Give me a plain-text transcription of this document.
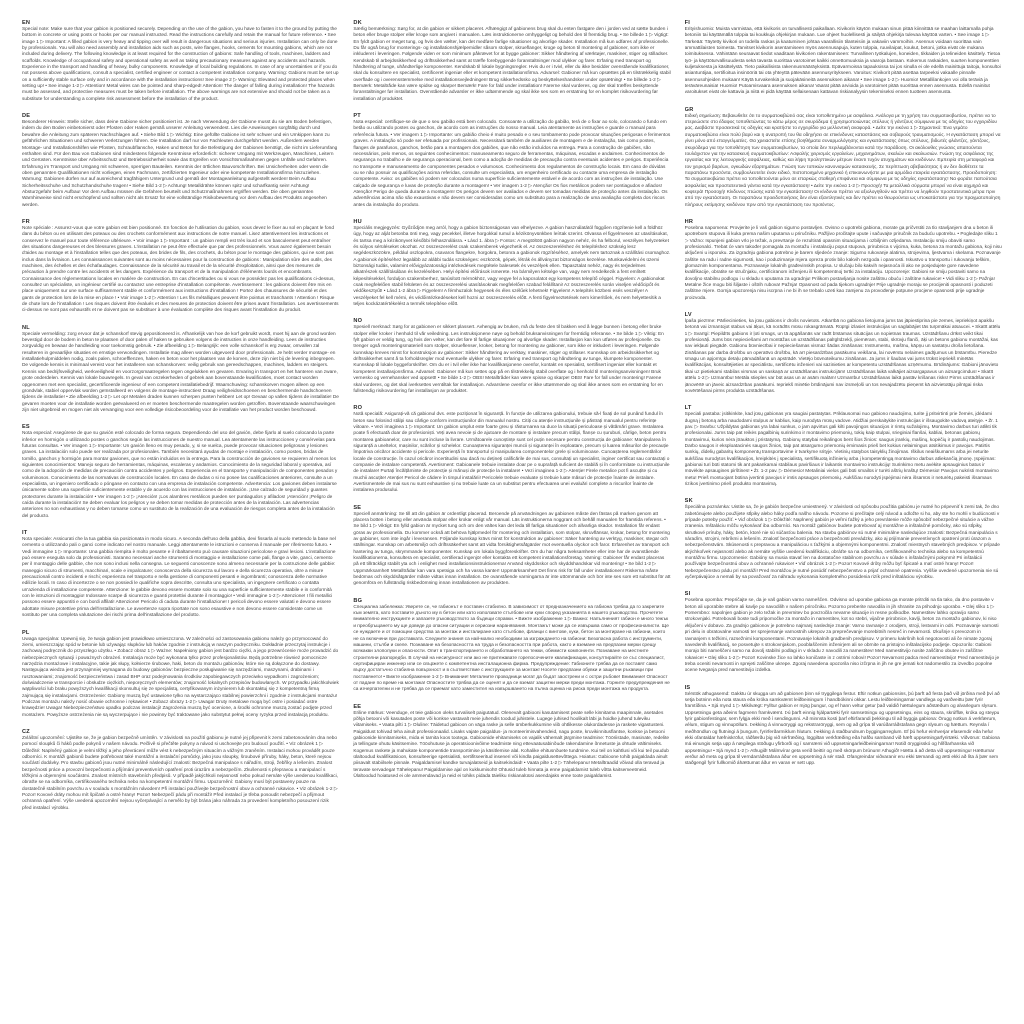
EN
Special note: Make sure that your gabion is positioned securely. Depending on the use of the gabion, you have to fasten it to the ground by putting the bottom in concrete or using posts or hooks per our manual instructed. Read the instructions carefully and retain the manual for future reference. • See image 1 ▷ Important: A filled gabion is very heavy and tipping over will result in dangerous situations and serious injuries. Installation can only be done by professionals. You will also need assembly and installation aids such as posts, wire flanges, hooks, cements for mounting gabions, which are not included during delivery. The following knowledge is at least required for the construction of gabions: Safe handling of tools, machines, ladders and scaffolds. Knowledge of occupational safety and operational safety as well as taking precautionary measures against any accidents and hazards. Experience in the transport and handling of heavy, bulky components. Knowledge of local building regulations. In case of any uncertainties or if you do not possess above qualifications, consult a specialist, certified engineer or contact a competent installation company. Warning: Gabions must be set up on a sufficiently stable surface only and in accordance with the installation instructions! See image 2 ▷ Warning: Elevated and protected places when setting up! • See image 1-2 ▷ Attention! Metal wires can be pointed and sharp-edged! Attention! The danger of falling during installation! The hazards must be assessed, and protective measures must be taken before installation. The above warnings are not extensive and should not be taken as a substitute for understanding a complete risk assessment before the installation of the product.
DE
Besonderer Hinweis: Stelle sicher, dass deine Gabione sicher positioniert ist. Je nach Verwendung der Gabione musst du sie am Boden befestigen, indem du den Boden einbetonierst oder Pfosten oder Haken gemäß unserer Anleitung verwendest. Lies die Anweisungen sorgfältig durch und bewahre die Anleitung zum späteren Nachschlagen auf. • Siehe Bild 1 ▷ Wichtig: Eine gefüllte Gabione ist sehr schwer und ein Umkippen kann zu gefährlichen Situationen und schweren Verletzungen führen. Die Installation darf nur von Fachleuten durchgeführt werden. Außerdem werden Montage- und Installationshilfen wie Pfosten, Schraubflansche, Haken und Beton für die Befestigung der Gabionen benötigt, die nicht im Lieferumfang enthalten sind. Für den Bau von Gabionen sind mindestens folgende Kenntnisse erforderlich: sicherer Umgang mit Werkzeugen, Maschinen, Leitern und Gerüsten. Kenntnisse über Arbeitsschutz und Betriebssicherheit sowie das Ergreifen von Vorsichtsmaßnahmen gegen Unfälle und Gefahren. Erfahrung im Transport und Umgang mit schweren, sperrigen Bauteilen. Kenntnis der örtlichen Bauvorschriften. Bei Unsicherheiten oder wenn die oben genannten Qualifikationen nicht vorliegen, einen Fachmann, zertifizierten Ingenieur oder eine kompetente Installationsfirma hinzuziehen. Warnung: Gabionen dürfen nur auf ausreichend tragfähigem Untergrund und gemäß der Montageanleitung aufgestellt werden! Beim Aufbau Sicherheitsschuhe und Schutzhandschuhe tragen! • Siehe Bild 1-2 ▷ Achtung! Metalldrähte können spitz und scharfkantig sein! Achtung! Absturzgefahr beim Aufbau! Vor dem Aufbau müssen die Gefahren beurteilt und Schutzmaßnahmen ergriffen werden. Die oben genannten Warnhinweise sind nicht erschöpfend und sollten nicht als Ersatz für eine vollständige Risikobewertung vor dem Aufbau des Produkts angesehen werden.
FR
Note spéciale : Assurez-vous que votre gabion est bien positionné. En fonction de l'utilisation du gabion, vous devez le fixer au sol en plaçant le fond dans du béton ou en utilisant des poteaux ou des crochets conformément aux instructions de notre manuel. Lisez attentivement les instructions et conservez le manuel pour toute référence ultérieure. • Voir image 1 ▷ Important : un gabion rempli est très lourd et son basculement peut entraîner des situations dangereuses et des blessures graves. L'installation ne peut être effectuée que par des professionnels. Vous aurez également besoin d'aides au montage et à l'installation telles que des poteaux, des brides de fils, des crochets, du béton pour le montage des gabions, qui ne sont pas inclus dans la livraison. Les connaissances suivantes sont au moins nécessaires pour la construction de gabions : Manipulation sûre des outils, des machines, des échelles et des échafaudages. Connaissance de la sécurité au travail et de la sécurité d'exploitation, ainsi que des mesures de précaution à prendre contre les accidents et les dangers. Expérience du transport et de la manipulation d'éléments lourds et encombrants. Connaissance des réglementations locales en matière de construction. En cas d'incertitudes ou si vous ne possédez pas les qualifications ci-dessus, consultez un spécialiste, un ingénieur certifié ou contactez une entreprise d'installation compétente. Avertissement : les gabions doivent être mis en place uniquement sur une surface suffisamment stable et conformément aux instructions d'installation ! Portez des chaussures de sécurité et des gants de protection lors de la mise en place ! • Voir image 1-2 ▷ Attention ! Les fils métalliques peuvent être pointus et tranchants ! Attention ! Risque de chute lors de l'installation ! Les risques doivent être évalués et des mesures de protection doivent être prises avant l'installation. Les avertissements ci-dessus ne sont pas exhaustifs et ne doivent pas se substituer à une évaluation complète des risques avant l'installation du produit.
NL
Speciale vermelding: zorg ervoor dat je schanskorf stevig gepositioneerd is. Afhankelijk van hoe de korf gebruikt wordt, moet hij aan de grond worden bevestigd door de bodem in beton te plaatsen of door palen of haken te gebruiken volgens de instructies in onze handleiding. Lees de instructies zorgvuldig en bewaar de handleiding voor toekomstig gebruik. • Zie afbeelding 1 ▷ Belangrijk: een volle schanskorf is erg zwaar, omvallen zal resulteren in gevaarlijke situaties en ernstige verwondingen. Installatie mag alleen worden uitgevoerd door professionals. Je hebt verder montage- en installatiehulpmiddelen nodig, zoals palen, schroefflenzen, haken en beton voor het plaatsen van de korven, deze zijn niet bij de levering inbegrepen. De volgende kennis is minimaal vereist voor het installeren van schanskorven: veilig gebruik van gereedschappen, machines, ladders en steigers. Kennis van bedrijfsveiligheid, werkveiligheid en voorzorgsmaatregelen tegen ongelukken en gevaren. Ervaring in transport en het hanteren van zware, grote onderdelen. Kennis van lokale bouwregels. In geval van onzekerheden of gebrek aan bovenstaande kwalificaties, moet contact worden opgenomen met een specialist, gecertificeerde ingenieur of een competent installatiebedrijf. Waarschuwing: schanskorven mogen alleen op een grondvlak, stabiel oppervlak worden geïnstalleerd en volgens de montage-instructies! Draag veiligheidsschoenen en beschermende handschoenen tijdens de installatie! • Zie afbeelding 1-2 ▷ Let op! Metalen draden kunnen scherpen punten hebben! Let op! Gevaar op vallen tijdens de installatie! De gevaren moeten voor de installatie worden geëvalueerd en er moeten beschermende maatregelen worden getroffen. Bovenstaande waarschuwingen zijn niet uitgebreid en mogen niet als vervanging voor een volledige risicobeoordeling voor de installatie van het product worden beschouwd.
ES
Nota especial: Asegúrese de que su gavión esté colocado de forma segura. Dependiendo del uso del gavión, debe fijarlo al suelo colocando la parte inferior en hormigón o utilizando postes o ganchos según las instrucciones de nuestro manual. Lea atentamente las instrucciones y consérvelas para futuras consultas. • Ver imagen 1 ▷ Importante: Un gavión lleno es muy pesado, y, si se vuelca, puede provocar situaciones peligrosas y lesiones graves. La instalación solo puede ser realizada por profesionales. También necesitará ayudas de montaje e instalación, como postes, bridas de tornillo, ganchos y hormigón para montar gaviones, que no están incluidos en la entrega. Para la construcción de gaviones se requieren al menos los siguientes conocimientos: Manejo seguro de herramientas, máquinas, escaleras y andamios. Conocimiento de la seguridad laboral y operativa, así como de la adopción de medidas de precaución contra accidentes y peligros. Experiencia en el transporte y manipulación de componentes pesados y voluminosos. Conocimiento de las normativas de construcción locales. En caso de dudas o si no posee las cualificaciones anteriores, consulte a un especialista, un ingeniero certificado o póngase en contacto con una empresa de instalación competente. Advertencia: Los gaviones deben instalarse únicamente sobre una superficie suficientemente estable y de acuerdo con las instrucciones de instalación. ¡Use calzado de seguridad y guantes protectores durante la instalación! • Ver imagen 1-2 ▷ ¡Atención! ¡Los alambres metálicos pueden ser puntiagudos y afilados! ¡Atención! ¡Peligro de caída durante la instalación! Se deben evaluar los peligros y se deben tomar medidas de protección antes de la instalación. Las advertencias anteriores no son exhaustivas y no deben tomarse como un sustituto de la realización de una evaluación de riesgos completa antes de la instalación del producto.
IT
Nota speciale: Assicurati che la tua gabbia sia posizionata in modo sicuro. A seconda dell'uso della gabbia, devi fissarla al suolo mettendo la base nel cemento o utilizzando pali o ganci come indicato nel nostro manuale. Leggi attentamente le istruzioni e conserva il manuale per riferimento futuro. • Vedi immagine 1 ▷ Importante: Una gabbia riempita è molto pesante e il ribaltamento può causare situazioni pericolose e gravi lesioni. L'installazione può essere eseguita solo da professionisti. Saranno necessari anche strumenti di montaggio e installazione come pali, flange a vite, ganci, cemento per il montaggio delle gabbie, che non sono inclusi nella consegna. Le seguenti conoscenze sono almeno necessarie per la costruzione delle gabbie: maneggio sicuro di strumenti, macchinari, scale e impalcature; conoscenza della sicurezza sul lavoro e della sicurezza operativa, oltre a misure precauzionali contro incidenti e rischi; esperienza nel trasporto e nella gestione di componenti pesanti e ingombranti; conoscenza delle normative edilizie locali. In caso di incertezze o se non possiedi le qualifiche sopra descritte, consulta uno specialista, un ingegnere certificato o contatta un'azienda di installazione competente. Attenzione: le gabbie devono essere montate solo su una superficie sufficientemente stabile e in conformità con le istruzioni di montaggio! Indossare scarpe di sicurezza e guanti protettivi durante il montaggio! • Vedi immagine 1-2 ▷ Attenzione! I fili metallici possono essere appuntiti e con bordi affilati! Attenzione! Pericolo di caduta durante l'installazione! I pericoli devono essere valutati e devono essere adottate misure protettive prima dell'installazione. Le avvertenze sopra riportate non sono esaustive e non devono essere considerate come un sostituto per una completa valutazione dei rischi prima dell'installazione del prodotto.
PL
Uwaga specjalna: Upewnij się, że twoja gabion jest prawidłowo umieszczona. W zależności od zastosowania gabionu należy go przymocować do ziemi, umieszczając spód w betonie lub używając słupków lub haków zgodnie z instrukcją w naszym podręczniku. Dokładnie przeczytaj instrukcje i zachowaj podręcznik do przyszłego użytku. • Zobacz obraz 1 ▷ Ważne: Napełniony gabion jest bardzo ciężki, a jego przewrócenie może prowadzić do niebezpiecznych sytuacji i poważnych obrażeń. Instalacja może być wykonana tylko przez profesjonalistów. Będą potrzebne również pomocnicze narzędzia montażowe i instalacyjne, takie jak słupy, kołnierze śrubowe, haki, beton do montażu gabionów, które nie są dołączone do dostawy. Następująca wiedza jest przynajmniej wymagana do budowy gabionów: bezpieczne posługiwanie się narzędziami, maszynami, drabinami i rusztowaniami; znajomość bezpieczeństwa i zasad BHP oraz podejmowania środków zapobiegawczych przeciwko wypadkom i zagrożeniom; doświadczenie w transporcie i obsłudze ciężkich, nieporęcznych elementów; znajomość lokalnych przepisów budowlanych. W przypadku jakichkolwiek wątpliwości lub braku powyższych kwalifikacji skonsultuj się ze specjalistą, certyfikowanym inżynierem lub skontaktuj się z kompetentną firmą zajmującą się instalacjami. Ostrzeżenie: Gabiony muszą być ustawione tylko na wystarczająco stabilnej powierzchni i zgodnie z instrukcjami montażu! Podczas montażu należy nosić obuwie ochronne i rękawice! • Zobacz obrazy 1-2 ▷ Uwaga! Druty metalowe mogą być ostre i posiadać ostre krawędzie! Uwaga! Niebezpieczeństwo upadku podczas instalacji! Zagrożenia muszą być ocenione, a środki ochronne muszą zostać podjęte przed montażem. Powyższe ostrzeżenia nie są wyczerpujące i nie powinny być traktowane jako substytut pełnej oceny ryzyka przed instalacją produktu.
CZ
Zvláštní upozornění: Ujistěte se, že je gabion bezpečně umístěn. V závislosti na použití gabionu je nutné jej připevnit k zemi zabetonováním dna nebo pomocí sloupků či háků podle pokynů v našem návodu. Pečlivě si přečtěte pokyny a návod si uschovejte pro budoucí použití. • Viz obrázek 1 ▷ Důležité: Naplněný gabion je velmi těžký a jeho převrácení může vést k nebezpečným situacím a vážným zraněním. Instalaci mohou provádět pouze odborníci. K montáži gabionů budete potřebovat také montážní a instalační pomůcky, jako jsou sloupky, šroubové příruby, háky, beton, které nejsou součástí dodávky. Pro stavbu gabionů jsou nutné minimálně následující znalosti: Bezpečná manipulace s nářadím, stroji, žebříky a lešením. Znalost bezpečnosti práce a provozní bezpečnosti a přijímání preventivních opatření proti úrazům a nebezpečím. Zkušenosti s přepravou a manipulací s těžkými a objemnými součástmi. Znalost místních stavebních předpisů. V případě jakýchkoli nejasností nebo pokud nemáte výše uvedenou kvalifikaci, obraťte se na odborníka, certifikovaného technika nebo na kompetentní montážní firmu. Upozornění: Gabiony musí být postaveny pouze na dostatečně stabilním povrchu a v souladu s montážním návodem! Při instalaci používejte bezpečnostní obuv a ochranné rukavice. • Viz obrázek 1-2 ▷ Pozor! Kovové dráty mohou mít špičaté a ostré hrany! Pozor! Nebezpečí pádu při montáži! Před instalací je třeba posoudit nebezpečí a přijmout ochranná opatření. Výše uvedená upozornění nejsou vyčerpávající a nemělo by být brána jako náhrada za provedení kompletního posouzení rizik před instalací výrobku.
DK
Særlig bemærkning: Sørg for, at din gabion er sikkert placeret. Afhængigt af gabionens brug skal du enten fastgøre den i jorden ved at sætte bunden i beton eller bruge stolper eller kroge som angivet i manualen. Læs instruktionerne omhyggeligt og behold den til fremtidig brug. • Se billede 1 ▷ Vigtigt: En fyldt gabion er meget tung, og hvis den vælter, kan det medføre farlige situationer og alvorlige skader. Installation må kun udføres af professionelle. Du får også brug for monterings- og installationshjælpemidler såsom stolper, skrueflanger, kroge og beton til montering af gabioner, som ikke er inkluderet i leveringen. Følgende viden er som minimum påkrævet for at bygge gabioner: Sikker håndtering af værktøjer, maskiner, stiger og stilladser. Kendskab til arbejdssikkerhed og driftssikkerhed samt at træffe forebyggende foranstaltninger mod ulykker og farer. Erfaring med transport og håndtering af tunge, uhåndterlige komponenter. Kendskab til lokale bygningsregler. Hvis du er i tvivl, eller du ikke besidder ovenstående kvalifikationer, skal du konsultere en specialist, certificeret ingeniør eller et kompetent installationsfirma. Advarsel: Gabioner må kun opsættes på en tilstrækkelig stabil overflade og i overensstemmelse med installationsvejledningen! Brug sikkerhedssko og beskyttelseshandsker under opsætning! • Se billede 1-2 ▷ Bemærk: Metaltråde kan være spidse og skarpe! Bemærk! Fare for fald under installation! Farerne skal vurderes, og der skal træffes beskyttende foranstaltninger før installation. Ovenstående advarsler er ikke udtømmende og skal ikke ses som en erstatning for en komplet risikovurdering før installation af produktet.
PT
Nota especial: certifique-se de que o seu gabião está bem colocado. Consoante a utilização do gabião, terá de o fixar ao solo, colocando o fundo em betão ou utilizando postes ou ganchos, de acordo com as instruções do nosso manual. Leia atentamente as instruções e guarde o manual para referência futura. • Ver imagem 1 ▷ Importante: um gabião cheio é muito pesado e o seu tombamento pode provocar situações perigosas e ferimentos graves. A instalação só pode ser efetuada por profissionais. Necessitará também de auxiliares de montagem e de instalação, tais como postes, flanges de parafusos, ganchos, betão para a montagem dos gabiões, que não estão incluídos na entrega. Para a construção de gabiões, são necessários, pelo menos, os seguintes conhecimentos: manuseamento seguro de ferramentas, máquinas, escadas e andaimes. Conhecimentos de segurança no trabalho e de segurança operacional, bem como a adoção de medidas de precaução contra eventuais acidentes e perigos. Experiência no transporte e manuseamento de componentes pesados e volumosos. Conhecimento dos regulamentos de construção locais. Em caso de dúvidas ou se não possuir as qualificações acima referidas, consulte um especialista, um engenheiro certificado ou contacte uma empresa de instalação competente. Aviso: os gabiões só podem ser colocados numa superfície suficientemente estável e de acordo com as instruções de instalação. Use calçado de segurança e luvas de proteção durante a montagem! • Ver imagem 1-2 ▷ Atenção! Os fios metálicos podem ser pontiagudos e afiados! Atenção! Perigo de queda durante a montagem! Os perigos devem ser avaliados e devem ser tomadas medidas de proteção antes da instalação. Os advertências acima não são exaustivas e não devem ser consideradas como um substituto para a realização de uma avaliação completa dos riscos antes da instalação do produto.
HU
Speciális megjegyzés: Győződjön meg arról, hogy a gabion biztonságosan van elhelyezve. A gabion használatától függően rögzítenie kell a földhöz úgy, hogy az alját betonba önti meg, vagy pecekkel, illetve horgokkal rumul a kézikönyvünkben leírtak szerint. Olvassa el figyelmesen az utasításokat, és tartsa meg a kézikönyvet későbbi felhasználásra. • Lásd 1. ábra ▷ Fontos: A megtöltött gabion nagyon nehéz, és ha felborul, veszélyes helyzeteket és súlyos sérüléseket okozhat. Az összeszerelést csak szakemberek végezhetik el. Az összeszereléshez és telepítéshez szükség lesz segédeszközökre, például oszlopokra, csavaros flangekre, horgokra, betonra a gabionok rögzítéséhez, amelyek nem tartoznak a szállítási csomaghoz. A gabionok építéséhez legalább az alábbi tudás szükséges: eszközök, gépek, létrák és állványzat biztonságos kezelése. Munkavédelmi és üzemi biztonsági tudás, valamint elővigyázatossági intézkedések megtétele balesetek és veszélyek ellen. Tapasztalat nehéz, nagy és terjedelmes alkatrészek szállításában és kezelésében. Helyi építési előírások ismerete. Ha bármilyen kétsége van, vagy nem rendelkezik a fent említett képesítésekkel, forduljon szakemberhez, tanúsított mérnökhöz, vagy vegye fel a kapcsolatot egy kompetens telepítő céggel. Figyelem: A gabionokat csak megfelelően stabil felületen és az összeszerelési utasításoknak megfelelően szabad felállítani! Az összeszerelés során viseljen védőcipőt és védőkesztyűt! • Lásd 1-2 ábra ▷ Figyelem! A fémhuzalok hegyesek és éles szélűek lehetnek! Figyelem! A telepítés közbeni esés veszélye! A veszélyeket fel kell mérni, és védőintézkedéseket kell hozni az összeszerelés előtt. A fenti figyelmeztetések nem kimerítőek, és nem helyettesítik a teljes kockázatértékelést a termék telepítése előtt.
NO
Spesiell merknad: Sørg for at gabionen er sikkert plassert. Avhengig av bruken, må du feste den til bakken ved å legge bunnen i betong eller bruke stolper eller kroker i henhold til vår veiledning. Les instruksjonene nøye og behold bruksanvisningen for fremtidig referanse. • Se bilde 1 ▷ Viktig: En fylt gabion er veldig tung, og hvis den velter, kan det føre til farlige situasjoner og alvorlige skader. Installasjon kan kun utføres av profesjonelle. Du trenger også monteringsmateriell som stolper, skrueflenser, kroker, betong for montering av gabioner, som ikke er inkludert i leveringen. Følgende kunnskap kreves minst for konstruksjon av gabioner: Sikker håndtering av verktøy, maskiner, stiger og stillaser. Kunnskap om arbeidssikkerhet og driftssikkerhet samt å ta forholdsregler mod eventuelle ulykker og farer. Erfaring med transport og håndtering av tunge, klumpete komponenter. Kunnskap til lokale byggeforskrifter. Om du er i tvil eller ikke har kvalifikasjonene ovenfor, kontakt en spesialist, sertifisert ingeniør eller kontakt et kompetent installasjonsfirma. Advarsel: Gabioner må kun settes opp på en tilstrekkelig stabil overflate og i henhold til monteringsanvisningen! Bruk vernesko og vernehansker ved oppsett! • Se bilde 1-2 ▷ OBS! Metalltråder kan være spisse og skarpe! OBS! Fare for fall under montering! Farene skal vurderes, og det skal iverksettes verntiltak før installasjon. Advarslene ovenfor er ikke uttømmende og skal ikke anses som en erstatning for en fullstendig risikovurdering før installasjon av produktet.
RO
Notă specială: Asigurați-vă că gabionul dvs. este poziționat în siguranță. În funcție de utilizarea gabionului, trebuie să-l fixați de sol punând fundul în beton sau folosind stâlpi sau cârlige conform instrucțiunilor din manualul nostru. Citiți cu atenție instrucțiunile și păstrați manualul pentru referințe viitoare. • Vezi imaginea 1 ▷ Important: Un gabion umplut este foarte greu și răsturnarea sa duce la situații periculoase și vătămări grave. Instalarea poate fi efectuată doar de profesioniști. Veți avea nevoie și de ajutoare de montare și instalare precum stâlpi, flanșe cu șuruburi, cârlige, beton pentru montarea gabioanelor, care nu sunt incluse la livrare. Următoarele cunoștințe sunt cel puțin necesare pentru construcția de gabioane: Manipularea în siguranță a uneltelor, mașinilor, scărilor și schelelor. Cunoașterea siguranței muncii și siguranței în exploatare, precum și luarea măsurilor de precauție împotriva oricăror accidente și pericole. Experiență în transportul și manipularea componentelor grele și voluminoase. Cunoașterea reglementărilor locale de construcție. În cazul oricăror incertitudini sau dacă nu dețineți calificările de mai sus, consultați un specialist, inginer certificat sau contactați o companie de instalare competentă. Avertisment: Gabioanele trebuie instalate doar pe o suprafață suficient de stabilă și în conformitate cu instrucțiunile de instalare! Purtați încălțăminte de protecție și mănuși de protecție la instalare! • Vezi imaginea 1-2 ▷ Atenție! Firele metalice pot fi ascuțite și cu muchii ascuțite! Atenție! Pericol de cădere în timpul instalării! Pericolele trebuie evaluate și trebuie luate măsuri de protecție înainte de instalare. Avertismentele de mai sus nu sunt exhaustive și nu trebuie luate ca un substitut pentru efectuarea unei evaluări complete a riscurilor înainte de instalarea produsului.
SE
Speciell anmärkning: Se till att din gabion är ordentligt placerad. Beroende på användningen av gabionen måste den fästas på marken genom att placera botten i betong eller använda stolpar eller krokar enligt vår manual. Läs instruktionerna noggrant och behåll manualen för framtida referens. • Se bild 1 ▷ Viktigt: En fylld gabion är mycket tung och om den vältes kan det leda till farliga situationer och allvarliga skador. Installation får endast göras av professionella. Du kommer också att behöva hjälpmedel för montering och installation, som stolpar, skruvflänsar, krokar, betong för montering av gabioner, som inte ingår i leveransen. Följande kunskap krävs minst för konstruktion av gabioner: Säker hantering av verktyg, maskiner, stegar och ställningar. Kunskap om arbetsmiljö och driftssäkerhet samt att vidta försiktighetsåtgärder mot eventuella olyckor och faror. Erfarenhet av transport och hantering av tunga, skrymmande komponenter. Kunskap om lokala byggföreskrifter. Om du har några tveksamheter eller inte har de ovanstående kvalifikationerna, konsultera en specialist, certifierad ingenjör eller kontakta ett kompetent installationsföretag. Varning: Gabioner får endast placeras på ett tillräckligt stabilt yta och i enlighet med installationsinstruktionerna! Använd skyddsskor och skyddshandskar vid montering! • Se bild 1-2 ▷ Uppmärksamhet! Metalltrådar kan vara spetsiga och ha vassa kanter! Uppmärksamhet! Det finns risk för fall under installationen! Riskerna måste bedömas och skyddsåtgärder måste vidtas innan installation. De ovanstående varningarna är inte uttömmande och bör inte ses som ett substitut för att genomföra en fullständig riskbedömning innan installationen av produkten.
BG
Специална забележка: Уверете се, че габионът е поставен стабилно. В зависимост от предназначението на габиона трябва да го закрепите към земята, като поставите дъното му в бетон или като използвате стълбове или куки според указанията в нашето ръководство. Прочетете внимателно инструкциите и запазете ръководството за бъдещи справки. • Вижте изображение 1 ▷ Важно: Напълненият габион е много тежък и преобръщането му ще доведе до опасни ситуации и сериозни наранявания. Монтажът може да се извършва само от професионалисти. Ще се нуждаете и от помощни средства за монтаж и инсталиране като стълбове, фланци с винтове, куки, бетон за монтиране на габиони, които не са включени при доставката. Следните знания са най-малко необходими за изграждането на габиони: Безопасна работа с инструменти, машини, стълби и скеле. Познаване на безопасността на труда и безопасността при работа, както и вземане на предпазни мерки срещу всякакви злополуки и опасности. Опит в транспортирането и обработването на тежки, обемисти компоненти. Познаване на местните строителни разпоредби. В случай на несигурност или ако не притежавате горепосочените квалификации, консултирайте се със специалист, сертифициран инженер или се свържете с компетентна инсталационна фирма. Предупреждение: Габионите трябва да се поставят само върху достатъчно стабилна повърхност и в съответствие с инструкциите за монтаж! Носете предпазни обувки и защитни ръкавици при поставянето! • Вижте изображение 1-2 ▷ Внимание! Металните проводници могат да бъдат заострени и с остри ръбове! Внимание! Опасност от падане по време на монтажа! Опасностите трябва да се оценят и да се вземат защитни мерки преди монтажа. Горните предупреждения не са изчерпателни и не трябва да се приемат като заместител на извършването на пълна оценка на риска преди монтажа на продукта.
EE
Eriline märkus: Veenduge, et teie gabioon oleks turvaliselt paigutatud. Olenevalt gabiooni kasutamisest peate selle kinnitama maapinnale, asetades põhja betooni või kasutades poste või konkse vastavalt meie juhendis toodud juhistele. Lugege juhised hoolikalt läbi ja hoidke juhend tuleviku viitamiseks. • Vaata pilti 1 ▷ Oluline: Täidetud gabioon on väga raske ja selle ümberkukkumine viib ohtlikesse olukordadesse ja raskete vigastusteni. Paigaldust tohivad teha ainult professionaalid. Lisaks vajate paigaldus- ja monteerimisvahendeid, nagu poste, kruvikinnitusflantse, konkse ja betooni gabioonide kinnitamiseks, mida ei tarnita koos tootega. Gabioonide ehitamiseks on vajalik vähemalt järgmine teadmine: Tööriistade, masinate, redelite ja tellingute ohutu käsitsemine. Tööohutuse ja operatsioonivõime teadmiste ning ettevaatusabinõude rakendamine õnnetuste ja ohtude vältimiseks. Kogemus raskete ja mahukate komponentide transportimise ja käsitlemise alal. Kohalike ehitusnõuete tundmine. Kui teil on kahtlusi või kui teil puudub ülaltoodud kvalifikatsioon, konsulteerige spetsialisti, sertifitseeritud inseneri või kindla paigaldusettevõttega. Hoiatus: Gabioone tohib paigaldada ainult piisavalt stabiilsele pinnale. Paigaldamisel kandke turvajalatseid ja kaitsekindaid! • Vaata pilte 1-2 ▷ Tähelepanu! Metalltraadid võivad olla teravad ja teravate servadega! Tähelepanu! Paigaldamise ajal on kukkumisoht! Ohtusid tuleb hinnata ja enne paigaldamist tuleb võtta kaitsemeetmeid. Ülaltoodud hoiatused ei ole ammendavad ja neid ei tohiks pidada täieliku riskianalüüsi asendajaks enne toote paigaldamist.
FI
Erityishuomio: Muista varmistaa, että kivikoris on turvallisesti paikallaan. Kivikorin käytön mukaan sinun pitää kiinnittää se maahan laittamalla pohja betoniin tai käyttämällä tolppia tai koukkuja ohjekirjan mukaan. Lue ohjeet huolellisesti ja säilytä ohjekirja tulevaa käyttöä varten. • See image 1 ▷ Tärkeää: Täytetty kivikori on todella raskas ja kaatuminen johtaa vaarallisiin tilanteisiin ja vakaviin vammoihin. Asennus voidaan suorittaa vain ammattilaisten toimesta. Tarvitset kivikorin asentamiseen myös asennusapuja, kuten tolppia, ruuvilaipat, koukut, betoni, jotka eivät ole mukana toimituksessa. Vähintään seuraavat tiedot vaaditaan kivikorien rakentamiseen: Turvallinen työkalujen, koneiden, tikkaiden ja telineiden käsittely. Tietoa työ- ja käyttöturvallisuudesta sekä tavasta suorittaa varotoimet kaikki onnettomuuksia ja vaaroja bastaan. Kokemus raskaiden, suurten komponenttien kuljetuksesta ja käsittelystä. Tieto paikallisista rakennusmääräyksistä. Epävarmoissa tapauksissa tai jos sinulla ei ole edellä mainittuja taitoja, konsultoi asiantuntijaa, sertifioitua insinööriä tai ota yhteyttä pätevään asennusyritykseen. Varoitus: Kivikorit pitää asettaa tarpeeksi vakaalle pinnalle asennusohjeiden mukaan! Käytä turvakenkiä ja suojakäsineitä asennuksen aikana! • See image 1-2 ▷ Huomio! Metallilankojen voi olla teräviä ja teräväreunaisia! Huomio! Putoamisvaara asennuksen aikana! Vaarat pitää arvioida ja varotoimet pitää suorittaa ennen asennusta. Edellä mainitut varoitukset eivät ole kattavia ja niitä ei pidä käyttää sellaisenaan kattavan riskianalyysin tekemiseksi ennen tuotteen asennusta.
GR
Ειδική σημείωση: Βεβαιωθείτε ότι το συρματοκιβώτιό σας είναι τοποθετημένο με ασφάλεια. Ανάλογα με τη χρήση του συρματοκιβωτίου, πρέπει να το στερεώσετε στο έδαφος τοποθετώντας το κάτω μέρος σε σκυρόδεμα ή χρησιμοποιώντας στύλους ή γάντζους σύμφωνα με τις οδηγίες του εγχειριδίου μας. Διαβάστε προσεκτικά τις οδηγίες και κρατήστε το εγχειρίδιο για μελλοντική αναφορά. • Δείτε την εικόνα 1 ▷ Σημαντικό: Ένα γεμάτο συρματοκιβώτιο είναι πολύ βαρύ και η ανατροπή του θα οδηγήσει σε επικίνδυνες καταστάσεις και σοβαρούς τραυματισμούς. Η εγκατάσταση μπορεί να γίνει μόνο από επαγγελματίες. Θα χρειαστείτε επίσης βοηθήματα συναρμολόγησης και εγκατάστασης όπως στύλους, βιδωτές φλάντζες, γάντζους, σκυρόδεμα για την τοποθέτηση των συρματοκιβωτίων, τα οποία δεν περιλαμβάνονται κατά την παράδοση. Οι ακόλουθες γνώσεις απαιτούνται τουλάχιστον για την κατασκευή συρματοκιβωτίων: Ασφαλής χειρισμός εργαλείων, μηχανημάτων, σκαλών και σκαλωσιών. Γνώση της ασφάλειας της εργασίας και της λειτουργικής ασφάλειας, καθώς και λήψη προληπτικών μέτρων έναντι τυχόν ατυχημάτων και κινδύνων. Εμπειρία στη μεταφορά και τον χειρισμό βαρέων, ογκωδών εξαρτημάτων. Γνώση των τοπικών κανονισμών κατασκευής. Σε περίπτωση αβεβαιότητας ή αν δεν διαθέτετε τα παραπάνω προσόντα, συμβουλευτείτε έναν ειδικό, πιστοποιημένο μηχανικό ή επικοινωνήστε με μια αρμόδια εταιρεία εγκατάστασης. Προειδοποίηση: Τα συρματοκιβώτια πρέπει να τοποθετούνται μόνο σε επαρκώς σταθερή επιφάνεια και σύμφωνα με τις οδηγίες εγκατάστασης! Να φοράτε παπούτσια ασφαλείας και προστατευτικά γάντια κατά την εγκατάσταση! • Δείτε την εικόνα 1-2 ▷ Προσοχή! Τα μεταλλικά σύρματα μπορεί να είναι αιχμηρά και κοφτερά! Προσοχή! Κίνδυνος πτώσης κατά την εγκατάσταση! Οι κίνδυνοι πρέπει να αξιολογηθούν και πρέπει να ληφθούν προστατευτικά μέτρα πριν από την εγκατάσταση. Οι παραπάνω προειδοποιήσεις δεν είναι εξαντλητικές και δεν πρέπει να θεωρούνται ως υποκατάστατο για την πραγματοποίηση πλήρους εκτίμησης κινδύνου πριν από την εγκατάσταση του προϊόντος.
HR
Posebna napomena: Provjerite je li vaš gabion sigurno postavljen. Ovisno o upotrebi gabiona, morate ga pričvrstiti za tlo stavljanjem dna u beton ili upotrebom stupova ili kuka prema našim uputama u priručniku. Pažljivo pročitajte upute i sačuvajte priručnik za buduću upotrebu. • Pogledajte sliku 1 ▷ Važno: Ispunjeni gabion vrlo je težak, a prevrtanje će rezultirati opasnim situacijama i ozbiljnim ozljedama. Instalaciju smiju obaviti samo profesionalci. Trebat će vam također pomagala za montažu i instalaciju poput stupova, prirubnica s vijcima, kuka, betona za montažu gabiona, koji nisu uključeni u isporuku. Za izgradnju gabiona potrebno je barem sljedeće znanje: Sigurno rukovanje alatima, strojevima, ljestvama i skelama. Poznavanje zaštite na radu i radne sigurnosti, kao i poduzimanje mjera opreza protiv bilo kakvih nezgoda i opasnosti. Iskustvo u transportu i rukovanju teškim, glomaznim komponentama. Poznavanje lokalnih građevinskih propisa. U slučaju bilo kakvih nejasnoća ili ako ne posjedujete gore navedene kvalifikacije, obratite se stručnjaku, certificiranom inženjeru ili kompetentnoj tvrtki za instalaciju. Upozorenje: Gabioni se smiju postaviti samo na dovoljno stabilnu podlogu i u skladu s uputama za ugradnju! Prilikom postavljanja nosite zaštitnu obuću i zaštitne rukavice! • Vidi sliku 1-2 ▷ Pažnja! Metalne žice mogu biti šiljaste i oštrih rubova! Pažnja! Opasnost od pada tijekom ugradnje! Prije ugradnje moraju se procijeniti opasnosti i poduzeti zaštitne mjere. Gornja upozorenja nisu iscrpna i ne bi ih se trebalo uzeti kao zamjenu za provođenje potpune procjene opasnosti prije ugradnje proizvoda.
LV
Īpaša piezīme: Pārliecinieties, ka jūsu gabions ir drošs novietots. Atkarībā no gabiona lietojuma jums tas jāpiestiprina pie zemes, iepriekiņot apakšu betonā vai izmantojot stabus vai āķus, kā norādīts mūsu rokasgrāmatā. Rūpīgi izlasiet instrukcijas un saglabājiet tās turpmākai atsaucei. • Skatīt attēlu 1 ▷ Svarīgi: Piepildīts gabions ir ļoti smags, un tā apgāšanās var radīt bīstamas situācijas un nopietnas traumas. Uzstādīšanu drīkst veikt tikai profesionāļi. Jums būs nepieciešami arī montāžas un uzstādīšanas palīglīdzekļi, piemēram, stabi, skrūvju flanči, āķi un betons gabionu montāžai, kas nav iekļauti piegādē. Gabionu būvniecībai ir nepieciešamas vismaz šādas zināšanas: Instrumentu, mašīnu, kāpņu un sastatņu droša lietošana. Zināšanas par darba drošību un operatīvo drošību, kā arī piesardzības pasākumu veikšana, lai novērstu nelaimes gadījumus un bīstamību. Pieredze smagu un apjomīgu detaļu pārvadāšanā un apstrādē. Vietējo būvnoteikumu zināšanas. Ja jums ir šaubas vai jums trūkst iepriekš minētās kvalifikācijas, konsultējieties ar speciālistu, sertificētu inženieri vai sazinieties ar kompetentu uzstādīšanas uzņēmumu. Brīdinājums: Gabioni jānovieto tikai uz pietiekami stabilas virsmas un saskaņā ar uzstādīšanas instrukcijām! Uzstādīšanas laikā valkājiet aizsargapavus un aizsargcimdus! • Skatīt attēlu 1-2 ▷ Uzmanību! Metāla stieples var būt asas un ar asām malām! Uzmanību! Uzstādīšanas laikā pastāv krišanas risks! Pirms uzstādīšanas ir jānovērtē un jāveic aizsardzības pasākumi. Iepriekš minētie brīdinājumi nav izsmeļoši un tos nevajadzētu pieņemt kā aizvietotāju pilnīgai riska novērtēšanai pirms produkta uzstādīšanas.
LT
Speciali pastaba: įsitikinkite, kad jūsų gabionas yra saugiai pastatytas. Priklausomai nuo gabiono naudojimo, turite jį pritvirtinti prie žemės, įdėdami dugną į betoną arba naudodami stulpus ar kablius, kaip nurodyta mūsų vadove. Atidžiai perskaitykite instrukcijas ir išsaugokite vadovą ateityje. • Žr. 1 pav. ▷ Svarbu: Užpildytas gabionas yra labai sunkus, o jam apvirtus gali kilti pavojingos situacijos ir rimtų sužalojimų. Montavimo darbus turi atlikti tik profesionalai. Jums taip pat reikės pagalbinių surinkimo ir montavimo priemonių, tokių kaip stulpai, srieginiai flanšai, kabliai, betonas gabionų montavimui, kurios nėra įtrauktos į pristatymą. Gabionų statybai reikalingos bent šios žinios: saugus įrankių, mašinų, kopėčių ir pastolių naudojimas. Darbo saugos ir eksploatacinės saugos žinios, taip pat atsargumo priemonių ėmimasis prieš bet kokius nelaimingus atsitikimus ir pavojus. Patirtis sunkių, didelių gabaritų komponentų transportavime ir tvarkyme srityje. Vietinių statybos taisyklių žinojimas. Iškilus neaiškumams arba jei neturite aukščiau nurodytos kvalifikacijos, kreipkitės į specialistą, sertifikuotą inžinierių arba į kompetentingą montavimo darbus atliekančią įmonę. Įspėjimas: gabionai turi būti statomi tik ant pakankamai stabilaus paviršiaus ir laikantis montavimo instrukcijų! Surinkimo metu avėkite apsauginius batus ir mūvėkite apsaugines pirštines! • Žr. 1-2 pav. ▷ Dėmesio! Metaliniai vielos gali būti smailūs ir turėti aštrių kraštų! Dėmesio! Pavojus nukristi montavimo metu! Prieš montuojant būtina įvertinti pavojus ir imtis apsaugos priemonių. Aukščiau nurodyti įspėjimai nėra išsamūs ir neturėtų pakeisti išsamaus rizikos įvertinimo prieš produkto montavimą.
SK
Špeciálna poznámka: Uistite sa, že je gabión bezpečne umiestnený. V závislosti od spôsobu použitia gabiónu je nutné ho pripevniť k zemi tak, že dno zabetónujete alebo použijete stĺpiky alebo háky podľa našho návodu. Pozorne si prečítajte celý návod a odložte si ho, aby ste ho mohli v budúcnosti v prípade potreby použiť. • Viď obrázok 1 ▷ Dôležité: Naplnený gabión je veľmi ťažký a jeho prevrátenie môže spôsobiť nebezpečné situácie a vážne zranenia. Inštaláciu môžu vykonávať iba odborníci. Na montáž gabiónov budete potrebovať aj montážne a inštalačné pomôcky, ako sú stĺpiky, skrutkové príruby, háky, betón, ktoré nie sú súčasťou balenia. Na stavbu gabiónov sú nutné minimálne nasledujúce znalosti: Bezpečná manipulácia s náradím, strojmi, rebríkmi a lešením. Znalosť bezpečnosti práce a bezpečnosti prevádzky, ako aj prijímanie preventívnych opatrení proti úrazom a nebezpečenstvám. Skúsenosti s prepravou a manipuláciou s ťažkými a objemnými komponentmi. Znalosť miestnych stavebných predpisov. V prípade akýchkoľvek nejasností alebo ak nemáte vyššie uvedenú kvalifikáciu, obráťte sa na odborníka, certifikovaného technika alebo na kompetentnú montážnu firmu. Upozornenie: Gabióny sa musia stavať len na dostatočne stabilnom povrchu a v súlade s inštalačnými pokynmi! Pri inštalácii používajte bezpečnostnú obuv a ochranné rukavice! • Viď obrázok 1-2 ▷ Pozor! Kovové drôty môžu byť špicaté a mať ostré hrany! Pozor! Nebezpečenstvo pádu pri montáži! Pred montážou je nutné posúdiť nebezpečenstvo a prijať ochranné opatrenia. Vyššie uvedené upozornenia nie sú vyčerpávajúce a nemali by sa považovať za náhradu vykonania kompletného posúdenia rizík pred inštaláciou výrobku.
SI
Posebna opomba: Prepričajte se, da je vaš gabion varno nameščen. Odvisno od uporabe gabiona ga morate pritrditi na tla tako, da dno postavite v beton ali uporabite stebre ali kavlje po navodilih v našem priročniku. Pozorno preberite navodila in jih shranite za prihodnjo uporabo. • Glej sliko 1 ▷ Pomembno: napolnjen gabion je zelo težak in prevrnitev bo povzročila nevarne situacije in resne poškodbe. Namestitev lahko opravijo samo strokovnjaki. Potrebovali boste tudi pripomočke za montažo in namestitev, kot so stebri, vijačne prirobnice, kavlji, beton za montažo gabionov, ki niso vključeni v dobavo. Za gradnjo gabionov je potrebno najmanj naslednje znanje: Varno ravnanje z orodjem, stroji, lestvami in odri. Poznavanje varnosti pri delu in obratovalne varnosti ter sprejemanje varnostnih ukrepov za preprečevanje morebitnih nesreč in nevarnosti. Izkušnje s prevozom in ravnanjem s težkimi, razsežnimi komponentami. Poznavanje lokalnih gradbenih predpisov. V primeru kakršnih koli negotovosti ali če nimate zgoraj navedenih kvalifikacij, se posvetujte s strokovnjakom, pooblaščenim inženirjem ali se obrnite na pristojno inštalacijsko podjetje. Opozorilo: Gabioni morajo biti nameščeni samo na dovolj stabilni podlagi in v skladu z navodili za namestitev! Med namestitvijo nosite zaščitno obutev in zaščitne rokavice! • Glej sliko 1-2 ▷ Pozor! Kovinske žice so lahko koničaste in z ostrimi robovi! Pozor! Nevarnost padca med namestitvijo! Pred namestitvijo je treba oceniti nevarnosti in sprejeti zaščitne ukrepe. Zgoraj navedena opozorila niso izčrpna in jih ne gre jemati kot nadomestilo za izvedbo popolne ocene tveganja pred namestitvijo izdelka.
IS
Sérstök athugasemd: Gakktu úr skugga um að gabionen þinn sé tryggilega festur. Eftir notkun gabionsins, þú þarft að festa það við jörðina með því að setja botninn eða nota staura eða króka samkvæmt leiðbeiningum í handbókinni okkar. Lestu leiðbeiningarnar vandlega og varðveittu þær fyrir framtíðina. • Sjá mynd 1 ▷ Mikilvægt: Fylltur gabion er mjög þungur, og ef hann veltur getur það valdið hættulegum aðstæðum og alvarlegum slysum. Uppsetningu geta aðeins fagmenn framkvæmt. Þú þarft einnig hjálpartæki fyrir samsetningu og uppsetningu, eins og staura, skrúfflæ, króka og steypu fyrir gabionfestingar, sem fylgja ekki með í sendingunni. Að minnsta kosti þarf eftirfarandi þekkingu til að byggja gabiona: Örugg notkun á verkfærum, vélum, stigum og vinnupöllum. Þekking á vinnuöryggi og rekstraröryggi, sem og að grípa til varúðarráðstafana gegn slysum og hættum. Reynsla í meðhöndlun og flutningi á þungum, fyrirferðarmiklum hlutum. Þekking á staðbundnum byggingarreglum. Ef þú hefur einhverjar efasemdir eða hefur ekki ofantaldar hæfniskröfur, ráðfærðu þig við sérfræðing, löggiltan verkfræðing eða hafðu samband við hæft uppsetningarfyrirtæki. Viðvörun: Gabiona má einungis setja upp á nægilega stöðugu yfirborði og í samræmi við uppsetningarleiðbeiningarnar! Notið öryggisskó og hlífðarhanska við uppsetningu! • Sjá mynd 1-2 ▷ Athugið! Málmvírar geta verið beittir og með skörpum brúnum! Athugið! Hætta á að detta við uppsetningu! Hætturnar verður að meta og grípa til verndarráðstafana áður en uppsetning á sér stað. Ofangreindar viðvaranir eru ekki tæmandi og ætti ekki að líta á þær sem staðgengil fyrir fullkomið áhættumat áður en varan er sett upp.
